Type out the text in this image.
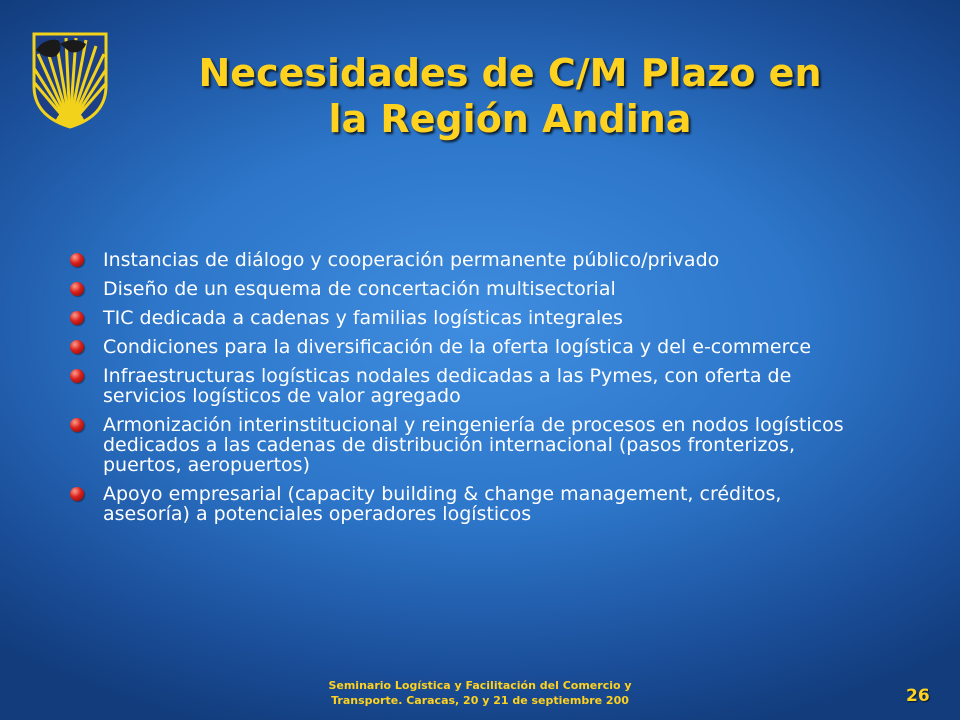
Necesidades de C/M Plazo en
la Región Andina
Instancias de diálogo y cooperación permanente público/privado
Diseño de un esquema de concertación multisectorial
TIC dedicada a cadenas y familias logísticas integrales
Condiciones para la diversificación de la oferta logística y del e-commerce
Infraestructuras logísticas nodales dedicadas a las Pymes, con oferta de servicios logísticos de valor agregado
Armonización interinstitucional y reingeniería de procesos en nodos logísticos dedicados a las cadenas de distribución internacional (pasos fronterizos, puertos, aeropuertos)
Apoyo empresarial (capacity building & change management, créditos, asesoría) a potenciales operadores logísticos
Seminario Logística y Facilitación del Comercio y
Transporte. Caracas, 20 y 21 de septiembre 200	26
